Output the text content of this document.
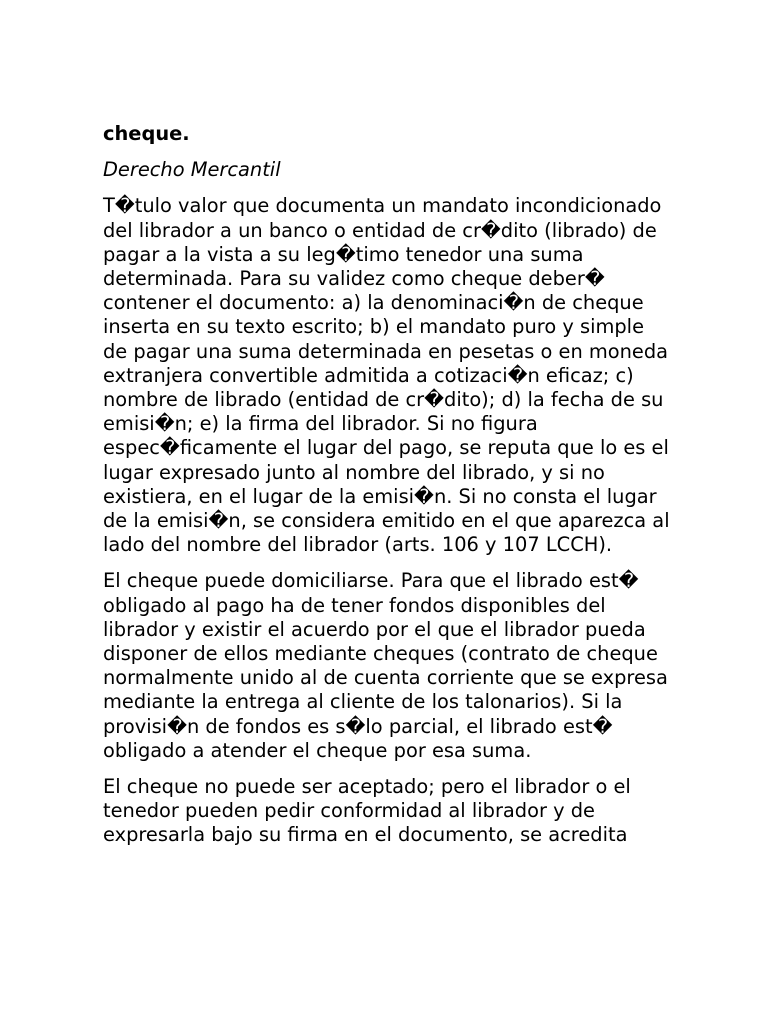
cheque.
Derecho Mercantil

T�tulo valor que documenta un mandato incondicionado del librador a un banco o entidad de cr�dito (librado) de pagar a la vista a su leg�timo tenedor una suma determinada. Para su validez como cheque deber� contener el documento: a) la denominaci�n de cheque inserta en su texto escrito; b) el mandato puro y simple de pagar una suma determinada en pesetas o en moneda extranjera convertible admitida a cotizaci�n eficaz; c) nombre de librado (entidad de cr�dito); d) la fecha de su emisi�n; e) la firma del librador. Si no figura espec�ficamente el lugar del pago, se reputa que lo es el lugar expresado junto al nombre del librado, y si no existiera, en el lugar de la emisi�n. Si no consta el lugar de la emisi�n, se considera emitido en el que aparezca al lado del nombre del librador (arts. 106 y 107 LCCH).

El cheque puede domiciliarse. Para que el librado est� obligado al pago ha de tener fondos disponibles del librador y existir el acuerdo por el que el librador pueda disponer de ellos mediante cheques (contrato de cheque normalmente unido al de cuenta corriente que se expresa mediante la entrega al cliente de los talonarios). Si la provisi�n de fondos es s�lo parcial, el librado est� obligado a atender el cheque por esa suma.

El cheque no puede ser aceptado; pero el librador o el tenedor pueden pedir conformidad al librador y de expresarla bajo su firma en el documento, se acredita
